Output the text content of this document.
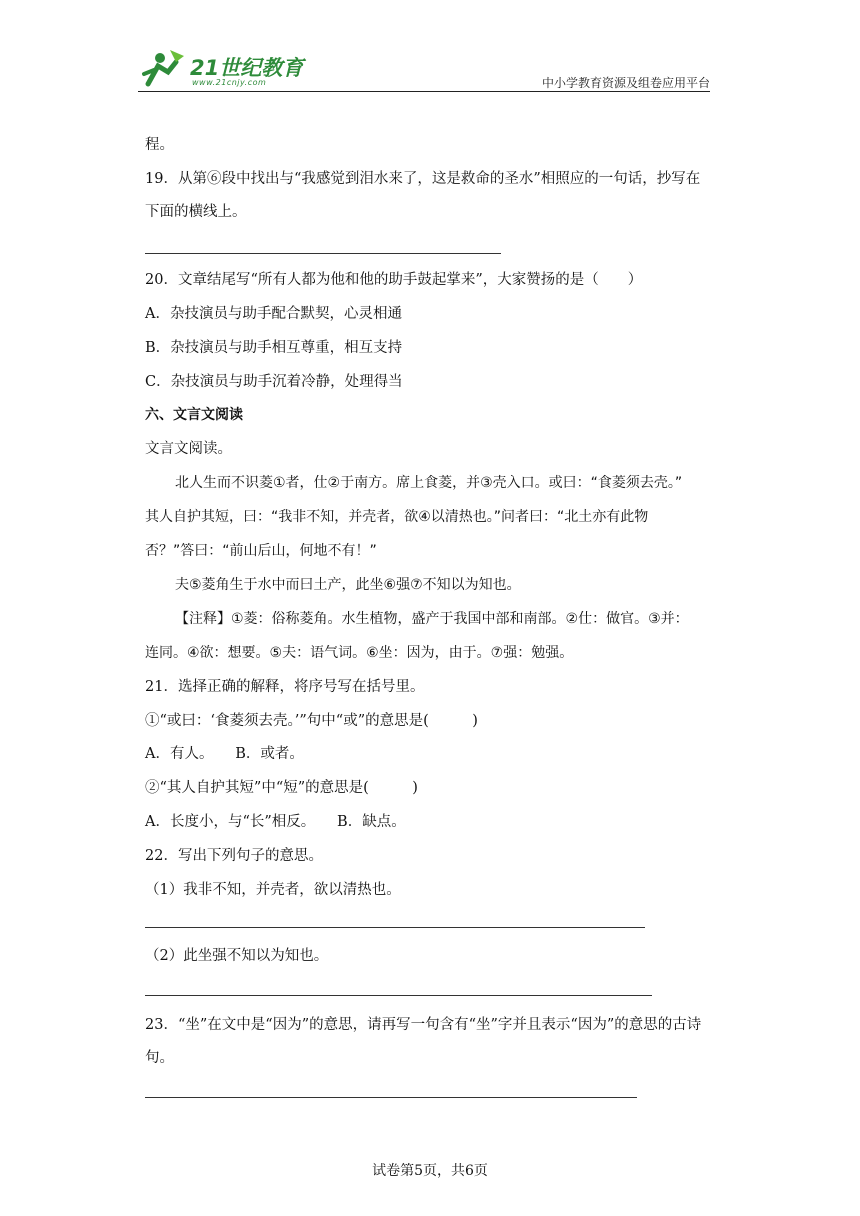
21世纪教育
www.21cnjy.com	中小学教育资源及组卷应用平台
程。
19．从第⑥段中找出与“我感觉到泪水来了，这是救命的圣水”相照应的一句话，抄写在
下面的横线上。
20．文章结尾写“所有人都为他和他的助手鼓起掌来”，大家赞扬的是（　　）
A．杂技演员与助手配合默契，心灵相通
B．杂技演员与助手相互尊重，相互支持
C．杂技演员与助手沉着冷静，处理得当
六、文言文阅读
文言文阅读。
北人生而不识菱①者，仕②于南方。席上食菱，并③壳入口。或曰：“食菱须去壳。”
其人自护其短，曰：“我非不知，并壳者，欲④以清热也。”问者曰：“北土亦有此物
否？”答曰：“前山后山，何地不有！”
夫⑤菱角生于水中而曰土产，此坐⑥强⑦不知以为知也。
【注释】①菱：俗称菱角。水生植物，盛产于我国中部和南部。②仕：做官。③并：
连同。④欲：想要。⑤夫：语气词。⑥坐：因为，由于。⑦强：勉强。
21．选择正确的解释，将序号写在括号里。
①“或曰：‘食菱须去壳。’”句中“或”的意思是(　　　)
A．有人。　　B．或者。
②“其人自护其短”中“短”的意思是(　　　)
A．长度小，与“长”相反。　　B．缺点。
22．写出下列句子的意思。
（1）我非不知，并壳者，欲以清热也。
（2）此坐强不知以为知也。
23．“坐”在文中是“因为”的意思，请再写一句含有“坐”字并且表示“因为”的意思的古诗
句。
试卷第5页，共6页
